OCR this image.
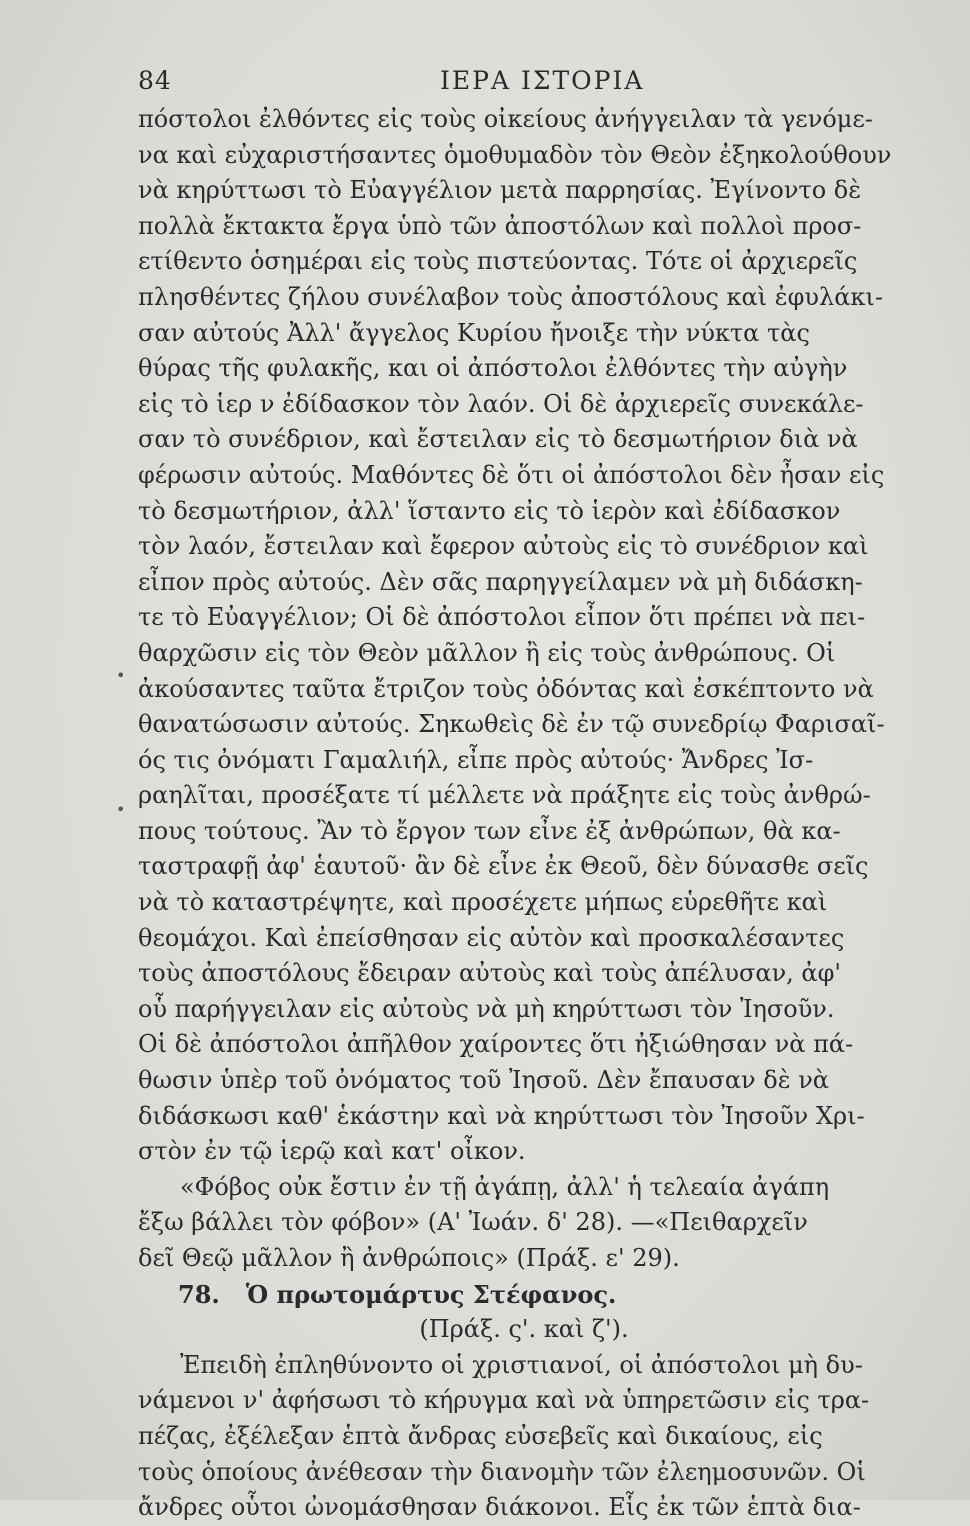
84	ΙΕΡΑ ΙΣΤΟΡΙΑ
•
•
πόστολοι ἐλθόντες εἰς τοὺς οἰκείους ἀνήγγειλαν τὰ γενόμε-
να καὶ εὐχαριστήσαντες ὁμοθυμαδὸν τὸν Θεὸν ἐξηκολούθουν
νὰ κηρύττωσι τὸ Εὐαγγέλιον μετὰ παρρησίας. Ἐγίνοντο δὲ
πολλὰ ἔκτακτα ἔργα ὑπὸ τῶν ἀποστόλων καὶ πολλοὶ προσ-
ετίθεντο ὁσημέραι εἰς τοὺς πιστεύοντας. Τότε οἱ ἀρχιερεῖς
πλησθέντες ζήλου συνέλαβον τοὺς ἀποστόλους καὶ ἐφυλάκι-
σαν αὐτούς Ἀλλ' ἄγγελος Κυρίου ἤνοιξε τὴν νύκτα τὰς
θύρας τῆς φυλακῆς, και οἱ ἀπόστολοι ἐλθόντες τὴν αὐγὴν
εἰς τὸ ἱερ ν ἐδίδασκον τὸν λαόν. Οἱ δὲ ἀρχιερεῖς συνεκάλε-
σαν τὸ συνέδριον, καὶ ἔστειλαν εἰς τὸ δεσμωτήριον διὰ νὰ
φέρωσιν αὐτούς. Μαθόντες δὲ ὅτι οἱ ἀπόστολοι δὲν ἦσαν εἰς
τὸ δεσμωτήριον, ἀλλ' ἵσταντο εἰς τὸ ἱερὸν καὶ ἐδίδασκον
τὸν λαόν, ἔστειλαν καὶ ἔφερον αὐτοὺς εἰς τὸ συνέδριον καὶ
εἶπον πρὸς αὐτούς. Δὲν σᾶς παρηγγείλαμεν νὰ μὴ διδάσκη-
τε τὸ Εὐαγγέλιον; Οἱ δὲ ἀπόστολοι εἶπον ὅτι πρέπει νὰ πει-
θαρχῶσιν εἰς τὸν Θεὸν μᾶλλον ἢ εἰς τοὺς ἀνθρώπους. Οἱ
ἀκούσαντες ταῦτα ἔτριζον τοὺς ὀδόντας καὶ ἐσκέπτοντο νὰ
θανατώσωσιν αὐτούς. Σηκωθεὶς δὲ ἐν τῷ συνεδρίῳ Φαρισαῖ-
ός τις ὀνόματι Γαμαλιήλ, εἶπε πρὸς αὐτούς· Ἄνδρες Ἰσ-
ραηλῖται, προσέξατε τί μέλλετε νὰ πράξητε εἰς τοὺς ἀνθρώ-
πους τούτους. Ἂν τὸ ἔργον των εἶνε ἐξ ἀνθρώπων, θὰ κα-
ταστραφῇ ἀφ' ἑαυτοῦ· ἂν δὲ εἶνε ἐκ Θεοῦ, δὲν δύνασθε σεῖς
νὰ τὸ καταστρέψητε, καὶ προσέχετε μήπως εὑρεθῆτε καὶ
θεομάχοι. Καὶ ἐπείσθησαν εἰς αὐτὸν καὶ προσκαλέσαντες
τοὺς ἀποστόλους ἔδειραν αὐτοὺς καὶ τοὺς ἀπέλυσαν, ἀφ'
οὗ παρήγγειλαν εἰς αὐτοὺς νὰ μὴ κηρύττωσι τὸν Ἰησοῦν.
Οἱ δὲ ἀπόστολοι ἀπῆλθον χαίροντες ὅτι ἠξιώθησαν νὰ πά-
θωσιν ὑπὲρ τοῦ ὀνόματος τοῦ Ἰησοῦ. Δὲν ἔπαυσαν δὲ νὰ
διδάσκωσι καθ' ἑκάστην καὶ νὰ κηρύττωσι τὸν Ἰησοῦν Χρι-
στὸν ἐν τῷ ἱερῷ καὶ κατ' οἶκον.
«Φόβος οὐκ ἔστιν ἐν τῇ ἀγάπῃ, ἀλλ' ἡ τελεαία ἀγάπη
ἔξω βάλλει τὸν φόβον» (Α' Ἰωάν. δ' 28). —«Πειθαρχεῖν
δεῖ Θεῷ μᾶλλον ἢ ἀνθρώποις» (Πράξ. ε' 29).
78. Ὁ πρωτομάρτυς Στέφανος.
(Πράξ. ς'. καὶ ζ').
Ἐπειδὴ ἐπληθύνοντο οἱ χριστιανοί, οἱ ἀπόστολοι μὴ δυ-
νάμενοι ν' ἀφήσωσι τὸ κήρυγμα καὶ νὰ ὑπηρετῶσιν εἰς τρα-
πέζας, ἐξέλεξαν ἑπτὰ ἄνδρας εὐσεβεῖς καὶ δικαίους, εἰς
τοὺς ὁποίους ἀνέθεσαν τὴν διανομὴν τῶν ἐλεημοσυνῶν. Οἱ
ἄνδρες οὗτοι ὠνομάσθησαν διάκονοι. Εἷς ἐκ τῶν ἑπτὰ δια-
